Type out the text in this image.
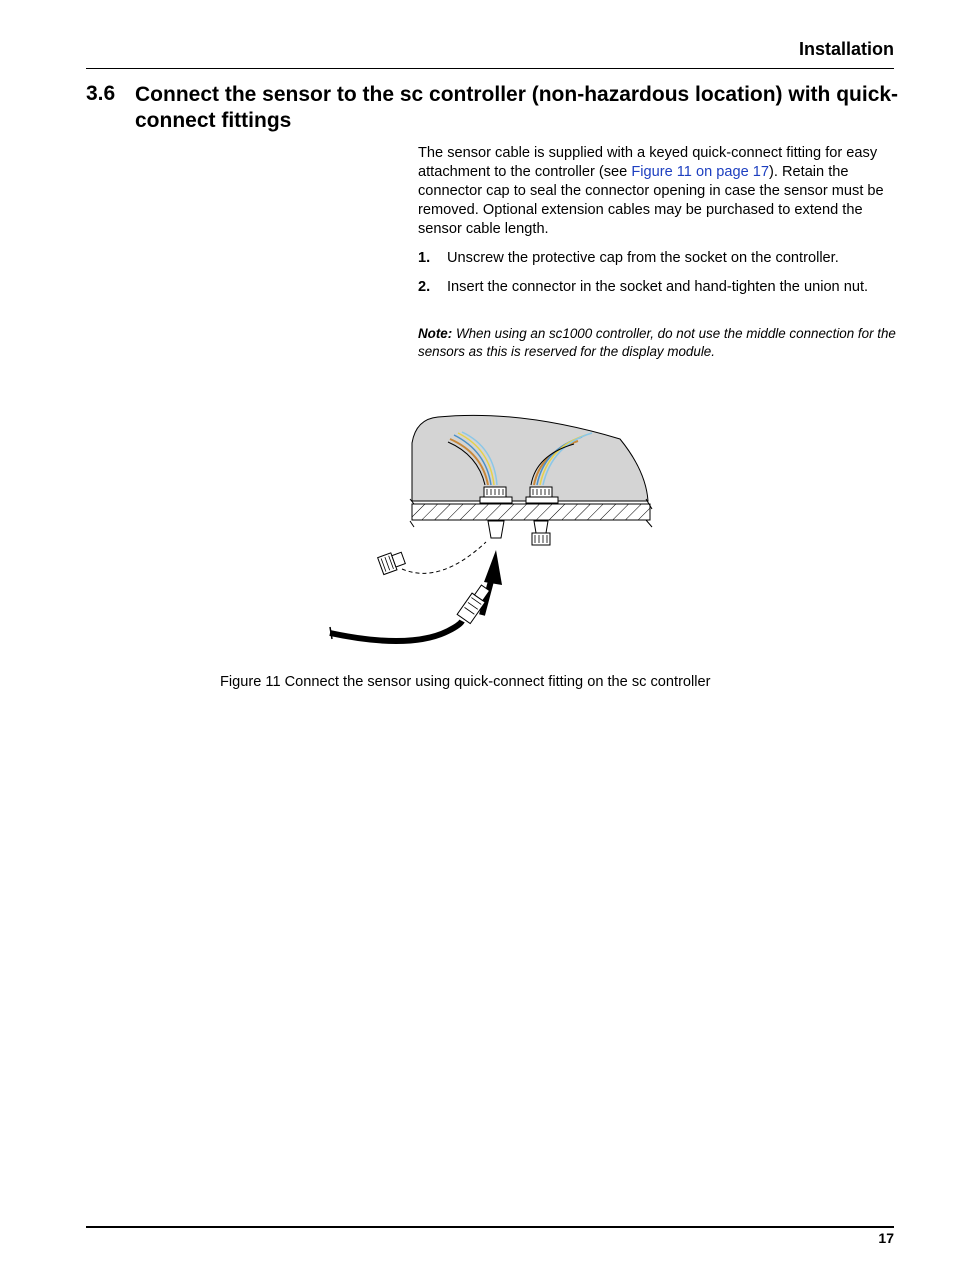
Installation
3.6 Connect the sensor to the sc controller (non-hazardous location) with quick-connect fittings
The sensor cable is supplied with a keyed quick-connect fitting for easy attachment to the controller (see Figure 11 on page 17). Retain the connector cap to seal the connector opening in case the sensor must be removed. Optional extension cables may be purchased to extend the sensor cable length.
1. Unscrew the protective cap from the socket on the controller.
2. Insert the connector in the socket and hand-tighten the union nut.
Note: When using an sc1000 controller, do not use the middle connection for the sensors as this is reserved for the display module.
Figure 11 Connect the sensor using quick-connect fitting on the sc controller
17
